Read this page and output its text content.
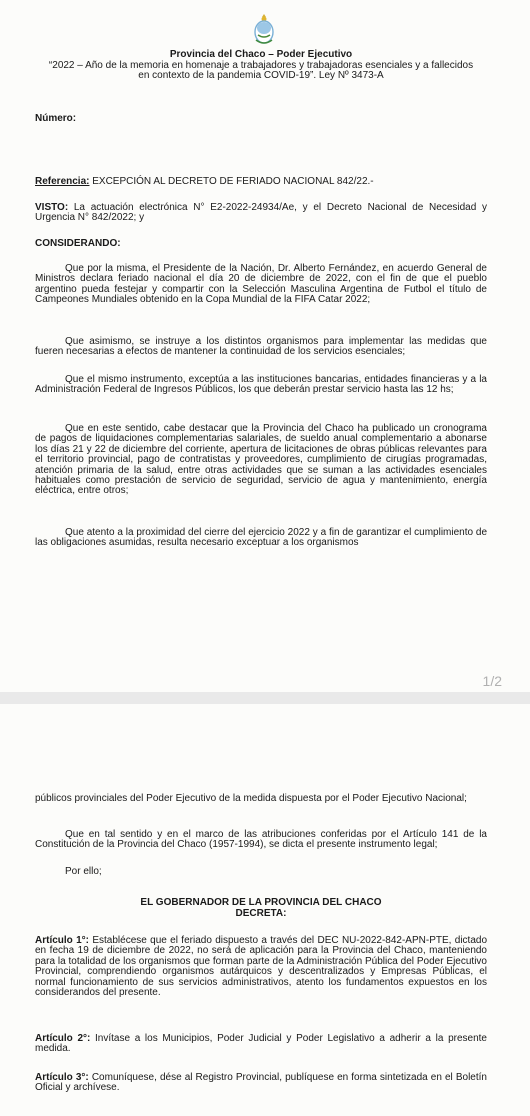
Provincia del Chaco – Poder Ejecutivo

“2022 – Año de la memoria en homenaje a trabajadores y trabajadoras esenciales y a fallecidos en contexto de la pandemia COVID-19”. Ley Nº 3473-A

Número:

Referencia: EXCEPCIÓN AL DECRETO DE FERIADO NACIONAL 842/22.-

VISTO: La actuación electrónica N° E2-2022-24934/Ae, y el Decreto Nacional de Necesidad y Urgencia N° 842/2022; y

CONSIDERANDO:

Que por la misma, el Presidente de la Nación, Dr. Alberto Fernández, en acuerdo General de Ministros declara feriado nacional el día 20 de diciembre de 2022, con el fin de que el pueblo argentino pueda festejar y compartir con la Selección Masculina Argentina de Futbol el título de Campeones Mundiales obtenido en la Copa Mundial de la FIFA Catar 2022;

Que asimismo, se instruye a los distintos organismos para implementar las medidas que fueren necesarias a efectos de mantener la continuidad de los servicios esenciales;

Que el mismo instrumento, exceptúa a las instituciones bancarias, entidades financieras y a la Administración Federal de Ingresos Públicos, los que deberán prestar servicio hasta las 12 hs;

Que en este sentido, cabe destacar que la Provincia del Chaco ha publicado un cronograma de pagos de liquidaciones complementarias salariales, de sueldo anual complementario a abonarse los días 21 y 22 de diciembre del corriente, apertura de licitaciones de obras públicas relevantes para el territorio provincial, pago de contratistas y proveedores, cumplimiento de cirugías programadas, atención primaria de la salud, entre otras actividades que se suman a las actividades esenciales habituales como prestación de servicio de seguridad, servicio de agua y mantenimiento, energía eléctrica, entre otros;

Que atento a la proximidad del cierre del ejercicio 2022 y a fin de garantizar el cumplimiento de las obligaciones asumidas, resulta necesario exceptuar a los organismos

1/2

públicos provinciales del Poder Ejecutivo de la medida dispuesta por el Poder Ejecutivo Nacional;

Que en tal sentido y en el marco de las atribuciones conferidas por el Artículo 141 de la Constitución de la Provincia del Chaco (1957-1994), se dicta el presente instrumento legal;

Por ello;

EL GOBERNADOR DE LA PROVINCIA DEL CHACO

DECRETA:

Artículo 1°: Establécese que el feriado dispuesto a través del DEC NU-2022-842-APN-PTE, dictado en fecha 19 de diciembre de 2022, no será de aplicación para la Provincia del Chaco, manteniendo para la totalidad de los organismos que forman parte de la Administración Pública del Poder Ejecutivo Provincial, comprendiendo organismos autárquicos y descentralizados y Empresas Públicas, el normal funcionamiento de sus servicios administrativos, atento los fundamentos expuestos en los considerandos del presente.

Artículo 2°: Invítase a los Municipios, Poder Judicial y Poder Legislativo a adherir a la presente medida.

Artículo 3°: Comuníquese, dése al Registro Provincial, publíquese en forma sintetizada en el Boletín Oficial y archívese.
